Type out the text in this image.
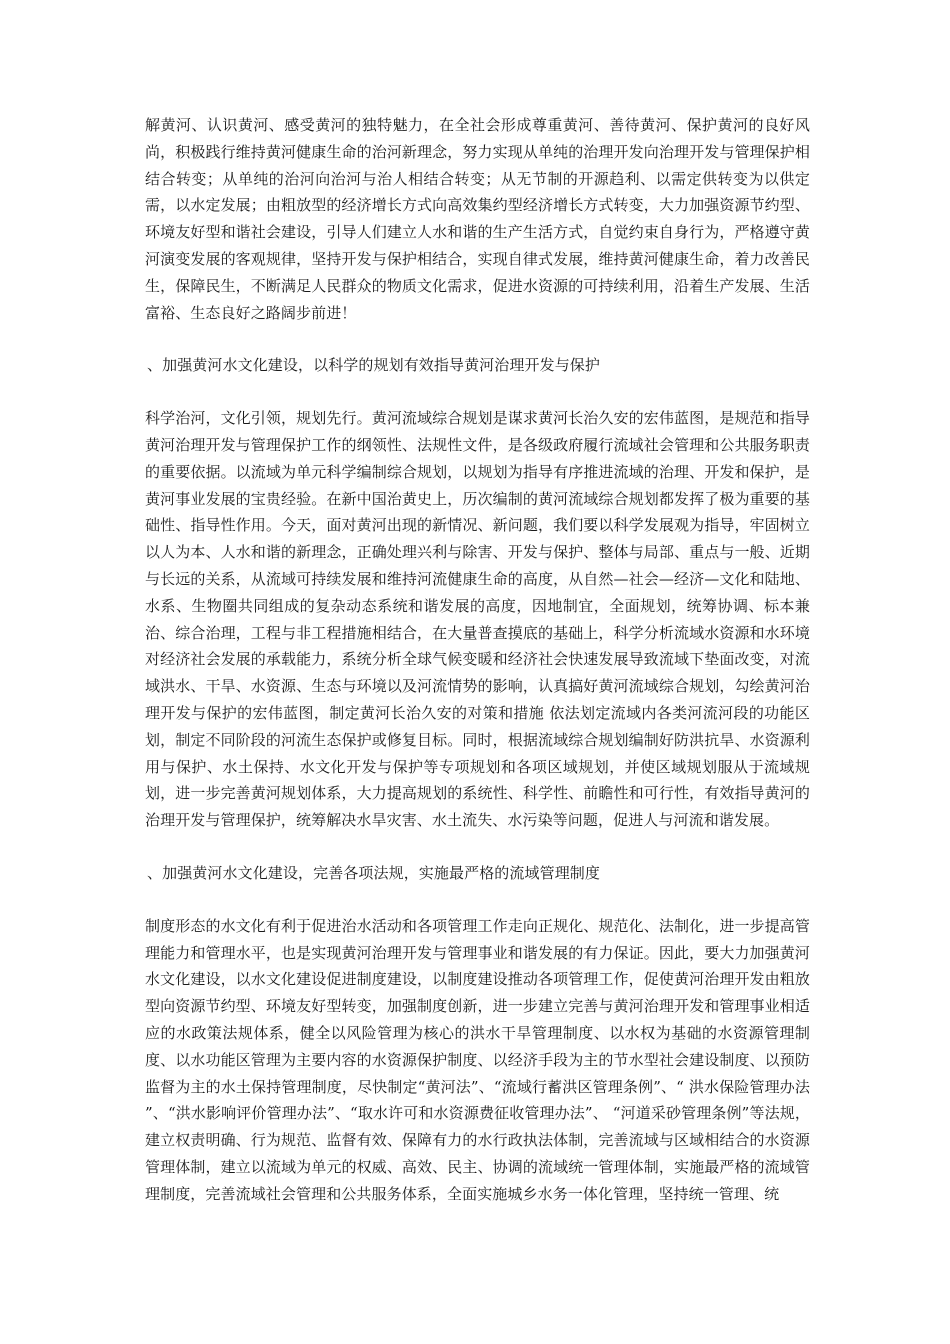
解黄河、认识黄河、感受黄河的独特魅力，在全社会形成尊重黄河、善待黄河、保护黄河的良好风尚，积极践行维持黄河健康生命的治河新理念，努力实现从单纯的治理开发向治理开发与管理保护相结合转变；从单纯的治河向治河与治人相结合转变；从无节制的开源趋利、以需定供转变为以供定需，以水定发展；由粗放型的经济增长方式向高效集约型经济增长方式转变，大力加强资源节约型、环境友好型和谐社会建设，引导人们建立人水和谐的生产生活方式，自觉约束自身行为，严格遵守黄河演变发展的客观规律，坚持开发与保护相结合，实现自律式发展，维持黄河健康生命，着力改善民生，保障民生，不断满足人民群众的物质文化需求，促进水资源的可持续利用，沿着生产发展、生活富裕、生态良好之路阔步前进！

、加强黄河水文化建设，以科学的规划有效指导黄河治理开发与保护

科学治河，文化引领，规划先行。黄河流域综合规划是谋求黄河长治久安的宏伟蓝图，是规范和指导黄河治理开发与管理保护工作的纲领性、法规性文件，是各级政府履行流域社会管理和公共服务职责的重要依据。以流域为单元科学编制综合规划，以规划为指导有序推进流域的治理、开发和保护，是黄河事业发展的宝贵经验。在新中国治黄史上，历次编制的黄河流域综合规划都发挥了极为重要的基础性、指导性作用。今天，面对黄河出现的新情况、新问题，我们要以科学发展观为指导，牢固树立以人为本、人水和谐的新理念，正确处理兴利与除害、开发与保护、整体与局部、重点与一般、近期与长远的关系，从流域可持续发展和维持河流健康生命的高度，从自然—社会—经济—文化和陆地、水系、生物圈共同组成的复杂动态系统和谐发展的高度，因地制宜，全面规划，统筹协调、标本兼治、综合治理，工程与非工程措施相结合，在大量普查摸底的基础上，科学分析流域水资源和水环境对经济社会发展的承载能力，系统分析全球气候变暖和经济社会快速发展导致流域下垫面改变，对流域洪水、干旱、水资源、生态与环境以及河流情势的影响，认真搞好黄河流域综合规划，勾绘黄河治理开发与保护的宏伟蓝图，制定黄河长治久安的对策和措施 依法划定流域内各类河流河段的功能区划，制定不同阶段的河流生态保护或修复目标。同时，根据流域综合规划编制好防洪抗旱、水资源利用与保护、水土保持、水文化开发与保护等专项规划和各项区域规划，并使区域规划服从于流域规划，进一步完善黄河规划体系，大力提高规划的系统性、科学性、前瞻性和可行性，有效指导黄河的治理开发与管理保护，统筹解决水旱灾害、水土流失、水污染等问题，促进人与河流和谐发展。

、加强黄河水文化建设，完善各项法规，实施最严格的流域管理制度

制度形态的水文化有利于促进治水活动和各项管理工作走向正规化、规范化、法制化，进一步提高管理能力和管理水平，也是实现黄河治理开发与管理事业和谐发展的有力保证。因此，要大力加强黄河水文化建设，以水文化建设促进制度建设，以制度建设推动各项管理工作，促使黄河治理开发由粗放型向资源节约型、环境友好型转变，加强制度创新，进一步建立完善与黄河治理开发和管理事业相适应的水政策法规体系，健全以风险管理为核心的洪水干旱管理制度、以水权为基础的水资源管理制度、以水功能区管理为主要内容的水资源保护制度、以经济手段为主的节水型社会建设制度、以预防监督为主的水土保持管理制度，尽快制定“黄河法”、“流域行蓄洪区管理条例”、“ 洪水保险管理办法 ”、“洪水影响评价管理办法”、“取水许可和水资源费征收管理办法”、 “河道采砂管理条例”等法规，建立权责明确、行为规范、监督有效、保障有力的水行政执法体制，完善流域与区域相结合的水资源管理体制，建立以流域为单元的权威、高效、民主、协调的流域统一管理体制，实施最严格的流域管理制度，完善流域社会管理和公共服务体系，全面实施城乡水务一体化管理，坚持统一管理、统
